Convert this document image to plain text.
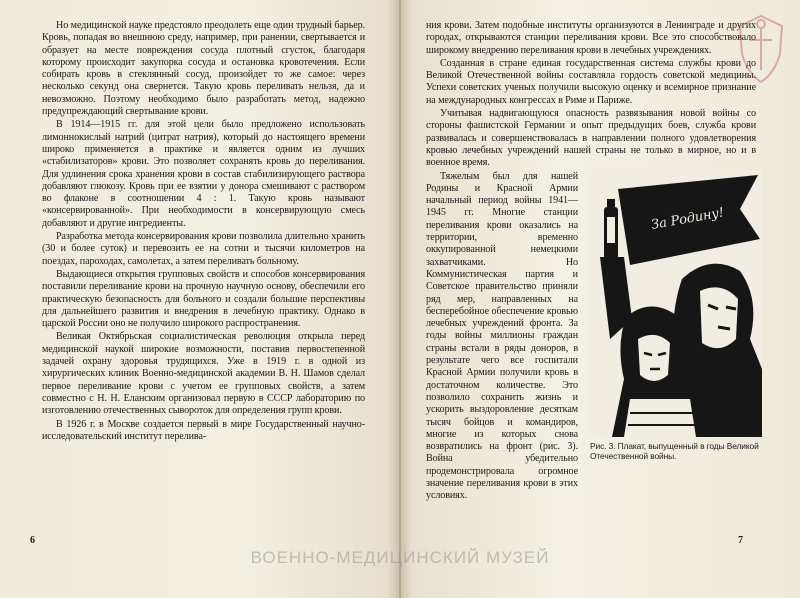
Но медицинской науке предстояло преодолеть еще один трудный барьер. Кровь, попадая во внешнюю среду, например, при ранении, свертывается и образует на месте повреждения сосуда плотный сгусток, благодаря которому происходит закупорка сосуда и остановка кровотечения. Если собирать кровь в стеклянный сосуд, произойдет то же самое: через несколько секунд она свернется. Такую кровь переливать нельзя, да и невозможно. Поэтому необходимо было разработать метод, надежно предупреждающий свертывание крови.

В 1914—1915 гг. для этой цели было предложено использовать лимоннокислый натрий (цитрат натрия), который до настоящего времени широко применяется в практике и является одним из лучших «стабилизаторов» крови. Это позволяет сохранять кровь до переливания. Для удлинения срока хранения крови в состав стабилизирующего раствора добавляют глюкозу. Кровь при ее взятии у донора смешивают с раствором во флаконе в соотношении 4 : 1. Такую кровь называют «консервированной». При необходимости в консервирующую смесь добавляют и другие ингредиенты.

Разработка метода консервирования крови позволила длительно хранить (30 и более суток) и перевозить ее на сотни и тысячи километров на поездах, пароходах, самолетах, а затем переливать больному.

Выдающиеся открытия групповых свойств и способов консервирования поставили переливание крови на прочную научную основу, обеспечили его практическую безопасность для больного и создали большие перспективы для дальнейшего развития и внедрения в лечебную практику. Однако в царской России оно не получило широкого распространения.

Великая Октябрьская социалистическая революция открыла перед медицинской наукой широкие возможности, поставив первостепенной задачей охрану здоровья трудящихся. Уже в 1919 г. в одной из хирургических клиник Военно-медицинской академии В. Н. Шамов сделал первое переливание крови с учетом ее групповых свойств, а затем совместно с Н. Н. Еланским организовал первую в СССР лабораторию по изготовлению отечественных сывороток для определения групп крови.

В 1926 г. в Москве создается первый в мире Государственный научно-исследовательский институт перелива-

6

ния крови. Затем подобные институты организуются в Ленинграде и других городах, открываются станции переливания крови. Все это способствовало широкому внедрению переливания крови в лечебных учреждениях.

Созданная в стране единая государственная система службы крови до Великой Отечественной войны составляла гордость советской медицины. Успехи советских ученых получили высокую оценку и всемирное признание на международных конгрессах в Риме и Париже.

Учитывая надвигающуюся опасность развязывания новой войны со стороны фашистской Германии и опыт предыдущих боев, служба крови развивалась и совершенствовалась в направлении полного удовлетворения кровью лечебных учреждений нашей страны не только в мирное, но и в военное время.

За Родину!
Рис. 3. Плакат, выпущенный в годы Великой Отечественной войны.

Тяжелым был для нашей Родины и Красной Армии начальный период войны 1941—1945 гг. Многие станции переливания крови оказались на территории, временно оккупированной немецкими захватчиками. Но Коммунистическая партия и Советское правительство приняли ряд мер, направленных на бесперебойное обеспечение кровью лечебных учреждений фронта. За годы войны миллионы граждан страны встали в ряды доноров, в результате чего все госпитали Красной Армии получили кровь в достаточном количестве. Это позволило сохранить жизнь и ускорить выздоровление десяткам тысяч бойцов и командиров, многие из которых снова возвратились на фронт (рис. 3). Война убедительно продемонстрировала огромное значение переливания крови в этих условиях.

7
ВОЕННО-МЕДИЦИНСКИЙ МУЗЕЙ
